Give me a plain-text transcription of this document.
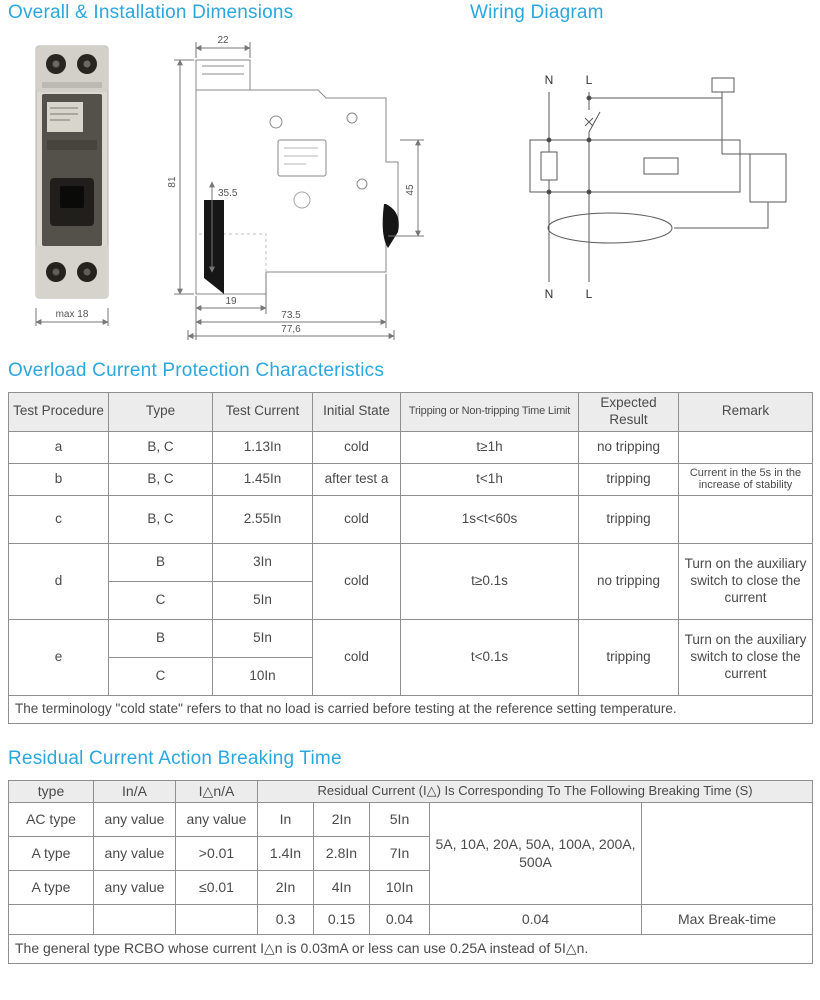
Overall & Installation Dimensions	Wiring Diagram
max 18
22
81
35.5	45
19
73.5
77,6
N	L
N	L
Overload Current Protection Characteristics
Test Procedure	Type	Test Current	Initial State	Tripping or Non-tripping Time Limit	Expected Result	Remark
a	B, C	1.13In	cold	t≥1h	no tripping	
b	B, C	1.45In	after test a	t<1h	tripping	Current in the 5s in the increase of stability
c	B, C	2.55In	cold	1s<t<60s	tripping	
d	B	3In	cold	t≥0.1s	no tripping	Turn on the auxiliary switch to close the current
	C	5In				
e	B	5In	cold	t<0.1s	tripping	Turn on the auxiliary switch to close the current
	C	10In				
The terminology "cold state" refers to that no load is carried before testing at the reference setting temperature.						
Residual Current Action Breaking Time
type	In/A	I△n/A	Residual Current (I△) Is Corresponding To The Following Breaking Time (S)				
AC type	any value	any value	In	2In	5In	5A, 10A, 20A, 50A, 100A, 200A, 500A	
A type	any value	>0.01	1.4In	2.8In	7In		
A type	any value	≤0.01	2In	4In	10In		
			0.3	0.15	0.04	0.04	Max Break-time
The general type RCBO whose current I△n is 0.03mA or less can use 0.25A instead of 5I△n.							
